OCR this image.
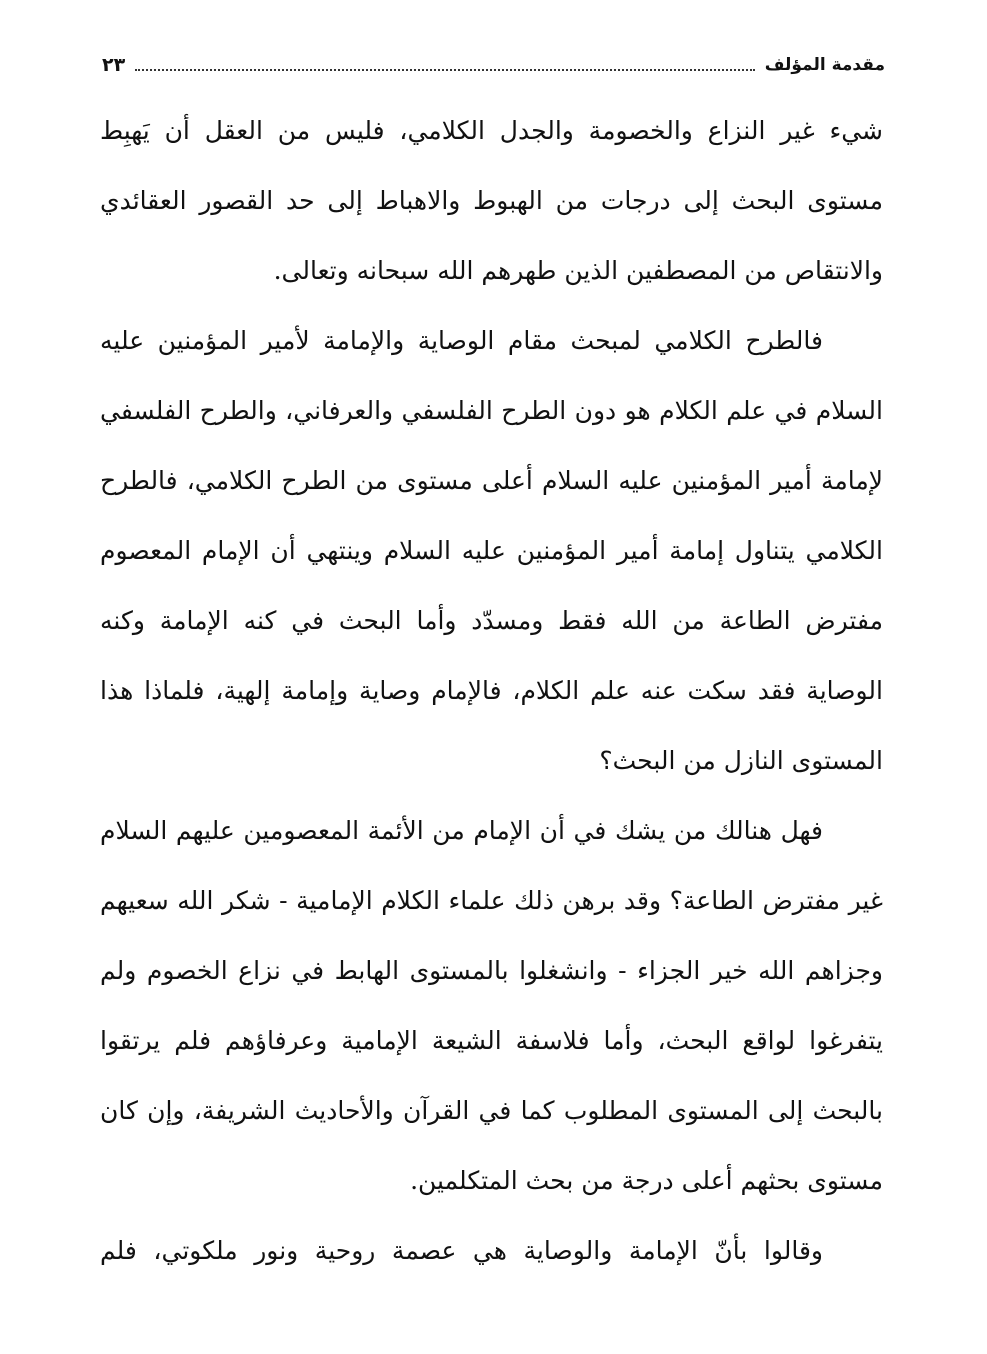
مقدمة المؤلف
٢٣

شيء غير النزاع والخصومة والجدل الكلامي، فليس من العقل أن يَهبِط مستوى البحث إلى درجات من الهبوط والاهباط إلى حد القصور العقائدي والانتقاص من المصطفين الذين طهرهم الله سبحانه وتعالى.

فالطرح الكلامي لمبحث مقام الوصاية والإمامة لأمير المؤمنين عليه السلام في علم الكلام هو دون الطرح الفلسفي والعرفاني، والطرح الفلسفي لإمامة أمير المؤمنين عليه السلام أعلى مستوى من الطرح الكلامي، فالطرح الكلامي يتناول إمامة أمير المؤمنين عليه السلام وينتهي أن الإمام المعصوم مفترض الطاعة من الله فقط ومسدّد وأما البحث في كنه الإمامة وكنه الوصاية فقد سكت عنه علم الكلام، فالإمام وصاية وإمامة إلهية، فلماذا هذا المستوى النازل من البحث؟

فهل هنالك من يشك في أن الإمام من الأئمة المعصومين عليهم السلام غير مفترض الطاعة؟ وقد برهن ذلك علماء الكلام الإمامية - شكر الله سعيهم وجزاهم الله خير الجزاء - وانشغلوا بالمستوى الهابط في نزاع الخصوم ولم يتفرغوا لواقع البحث، وأما فلاسفة الشيعة الإمامية وعرفاؤهم فلم يرتقوا بالبحث إلى المستوى المطلوب كما في القرآن والأحاديث الشريفة، وإن كان مستوى بحثهم أعلى درجة من بحث المتكلمين.

وقالوا بأنّ الإمامة والوصاية هي عصمة روحية ونور ملكوتي، فلم
